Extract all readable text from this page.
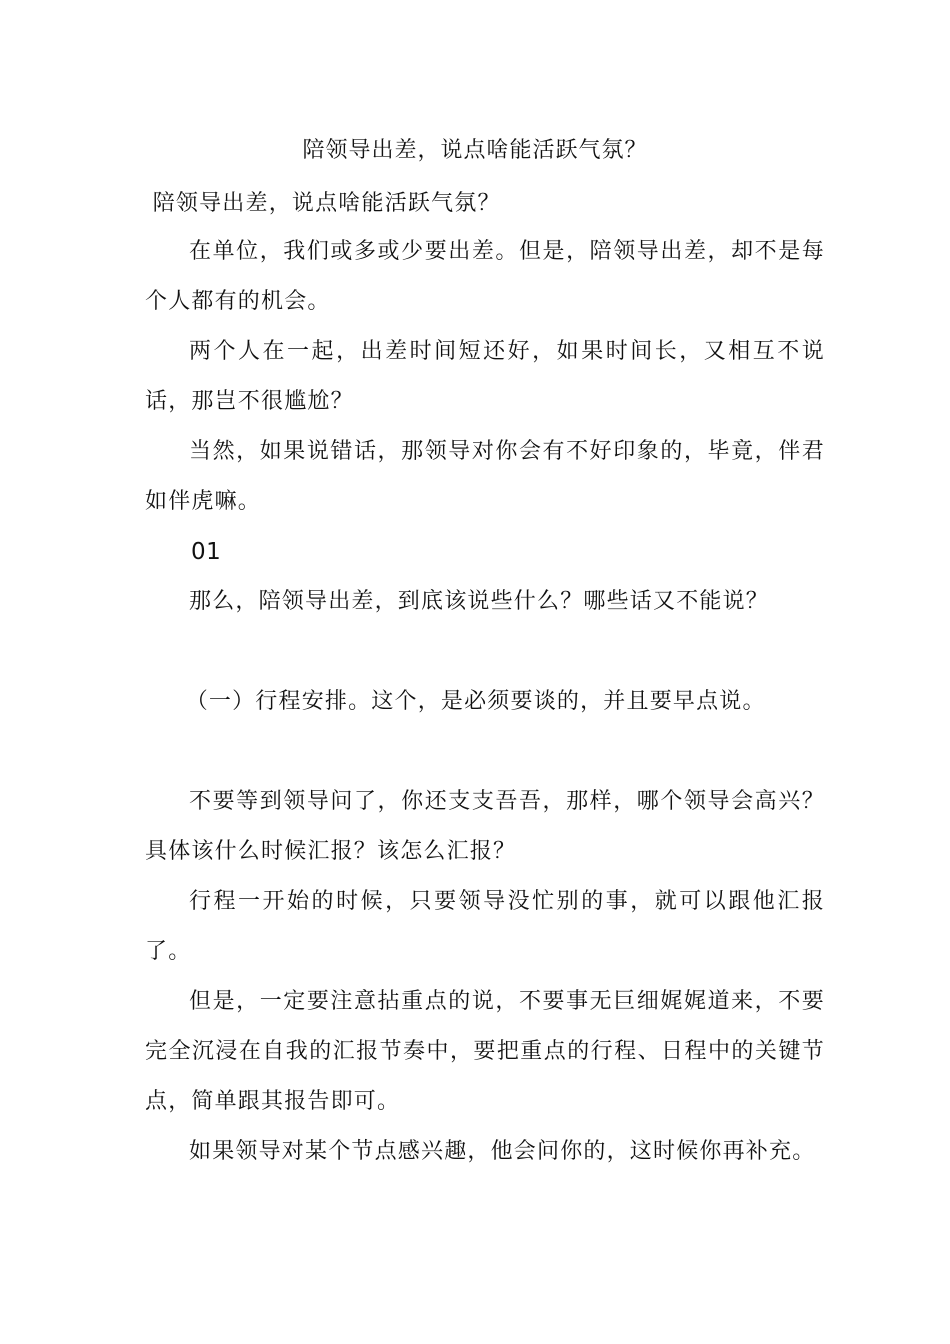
陪领导出差，说点啥能活跃气氛？

陪领导出差，说点啥能活跃气氛？

在单位，我们或多或少要出差。但是，陪领导出差，却不是每个人都有的机会。

两个人在一起，出差时间短还好，如果时间长，又相互不说话，那岂不很尴尬？

当然，如果说错话，那领导对你会有不好印象的，毕竟，伴君如伴虎嘛。

01

那么，陪领导出差，到底该说些什么？哪些话又不能说？

（一）行程安排。这个，是必须要谈的，并且要早点说。

不要等到领导问了，你还支支吾吾，那样，哪个领导会高兴？具体该什么时候汇报？该怎么汇报？

行程一开始的时候，只要领导没忙别的事，就可以跟他汇报了。

但是，一定要注意拈重点的说，不要事无巨细娓娓道来，不要完全沉浸在自我的汇报节奏中，要把重点的行程、日程中的关键节点，简单跟其报告即可。

如果领导对某个节点感兴趣，他会问你的，这时候你再补充。
